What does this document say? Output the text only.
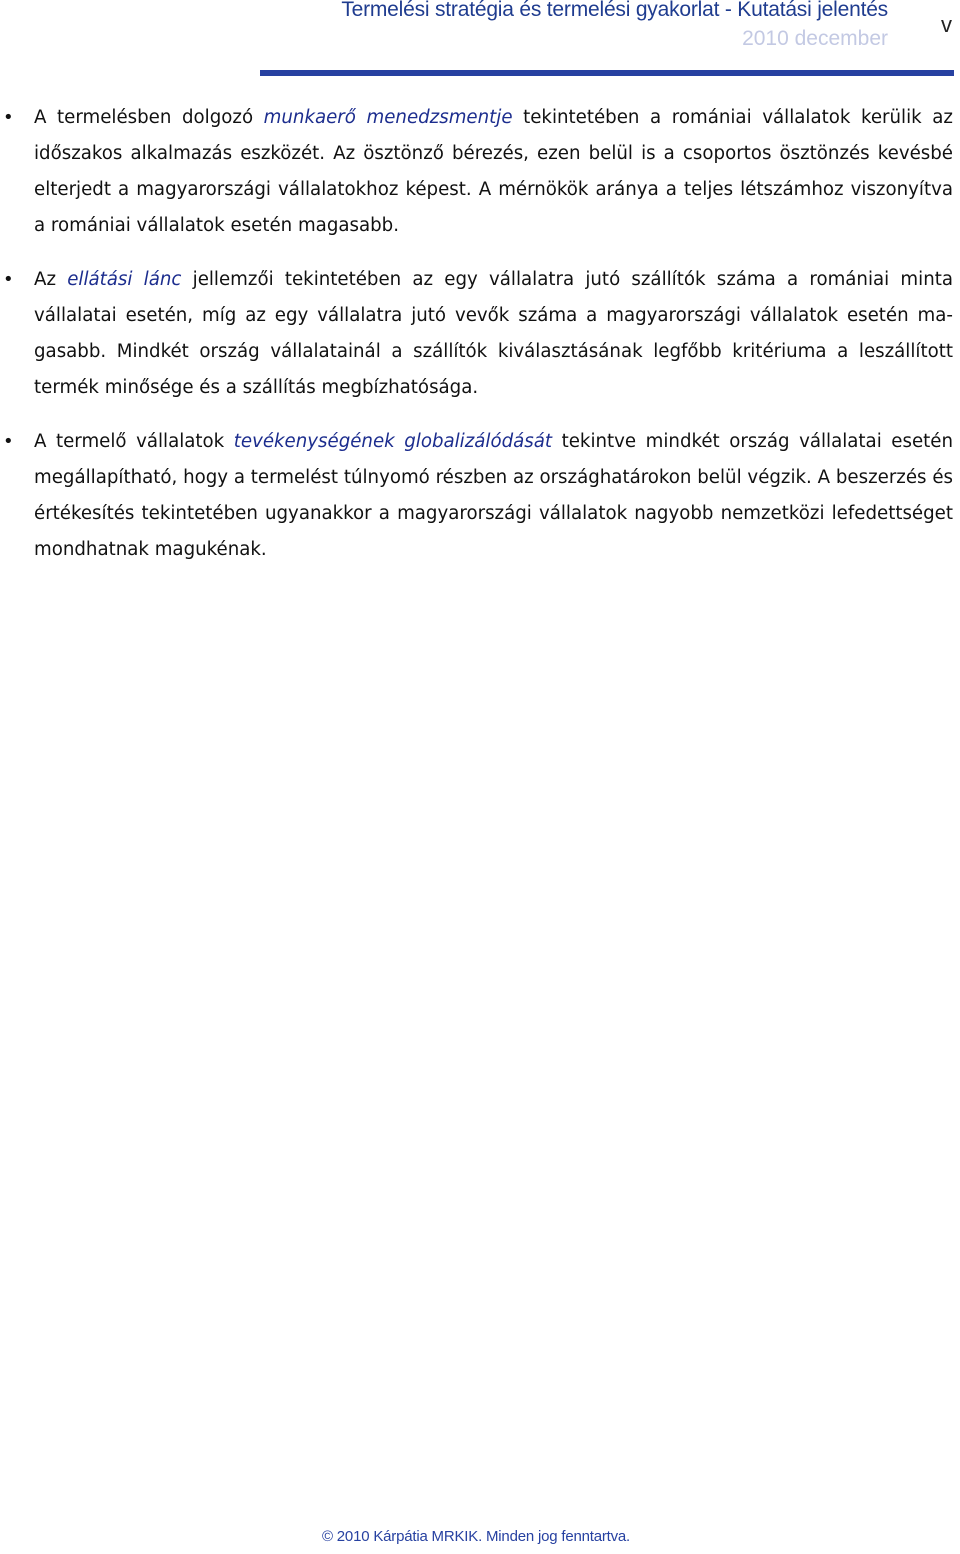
Termelési stratégia és termelési gyakorlat - Kutatási jelentés
2010 december
v
• A termelésben dolgozó munkaerő menedzsmentje tekintetében a romániai vállalatok kerülik az időszakos alkalmazás eszközét. Az ösztönző bérezés, ezen belül is a csoportos ösztönzés kevésbé elterjedt a magyarországi vállalatokhoz képest. A mérnökök aránya a teljes létszámhoz viszonyítva a romániai vállalatok esetén magasabb.
• Az ellátási lánc jellemzői tekintetében az egy vállalatra jutó szállítók száma a romániai minta vállalatai esetén, míg az egy vállalatra jutó vevők száma a magyarországi vállalatok esetén magasabb. Mindkét ország vállalatainál a szállítók kiválasztásának legfőbb kritériuma a leszállított termék minősége és a szállítás megbízhatósága.
• A termelő vállalatok tevékenységének globalizálódását tekintve mindkét ország vállalatai esetén megállapítható, hogy a termelést túlnyomó részben az országhatárokon belül végzik. A beszerzés és értékesítés tekintetében ugyanakkor a magyarországi vállalatok nagyobb nemzetközi lefedettséget mondhatnak magukénak.
© 2010 Kárpátia MRKIK. Minden jog fenntartva.
